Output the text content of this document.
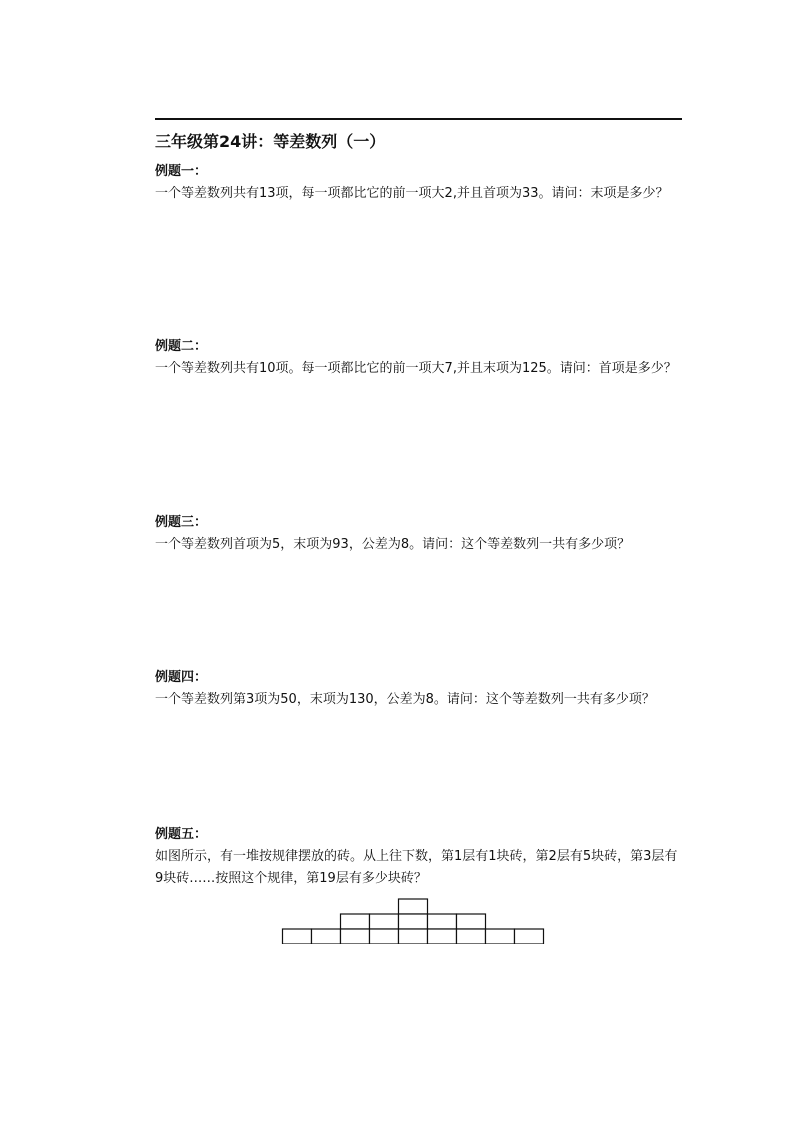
三年级第24讲：等差数列（一）
例题一：
一个等差数列共有13项，每一项都比它的前一项大2,并且首项为33。请问：末项是多少？
例题二：
一个等差数列共有10项。每一项都比它的前一项大7,并且末项为125。请问：首项是多少？
例题三：
一个等差数列首项为5，末项为93，公差为8。请问：这个等差数列一共有多少项？
例题四：
一个等差数列第3项为50，末项为130，公差为8。请问：这个等差数列一共有多少项？
例题五：
如图所示，有一堆按规律摆放的砖。从上往下数，第1层有1块砖，第2层有5块砖，第3层有9块砖……按照这个规律，第19层有多少块砖？
